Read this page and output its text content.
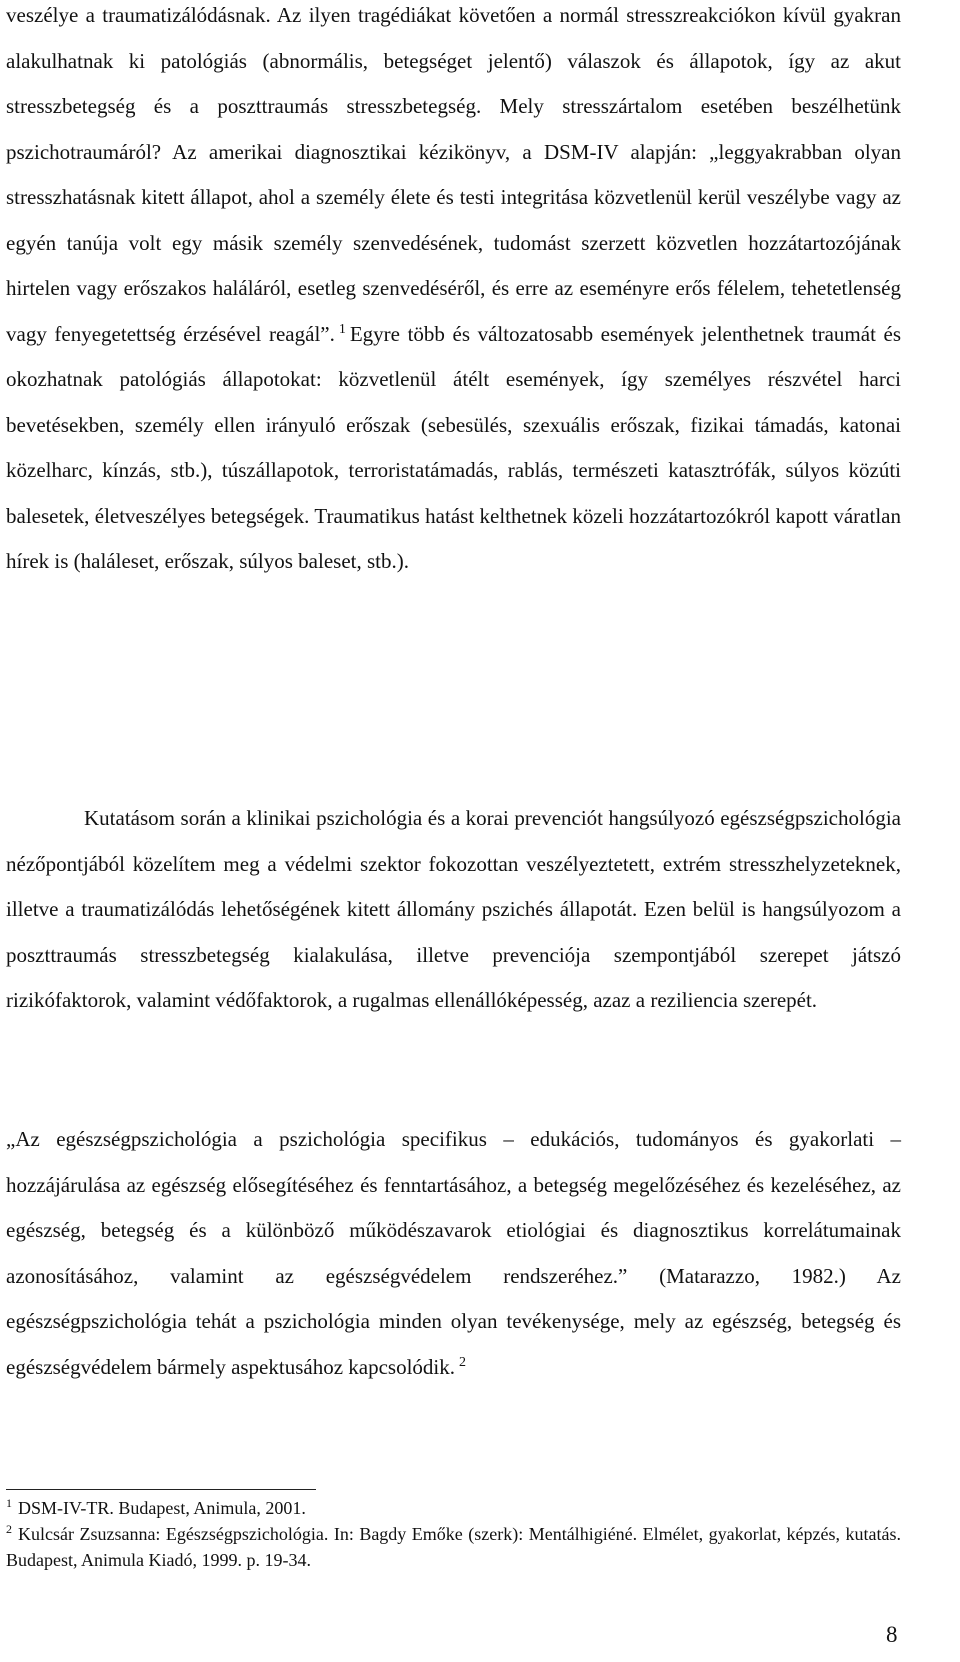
veszélye a traumatizálódásnak. Az ilyen tragédiákat követően a normál stresszreakciókon kívül gyakran alakulhatnak ki patológiás (abnormális, betegséget jelentő) válaszok és állapotok, így az akut stresszbetegség és a poszttraumás stresszbetegség. Mely stresszártalom esetében beszélhetünk pszichotraumáról? Az amerikai diagnosztikai kézikönyv, a DSM-IV alapján: „leggyakrabban olyan stresszhatásnak kitett állapot, ahol a személy élete és testi integritása közvetlenül kerül veszélybe vagy az egyén tanúja volt egy másik személy szenvedésének, tudomást szerzett közvetlen hozzátartozójának hirtelen vagy erőszakos haláláról, esetleg szenvedéséről, és erre az eseményre erős félelem, tehetetlenség vagy fenyegetettség érzésével reagál”. $^1$ Egyre több és változatosabb események jelenthetnek traumát és okozhatnak patológiás állapotokat: közvetlenül átélt események, így személyes részvétel harci bevetésekben, személy ellen irányuló erőszak (sebesülés, szexuális erőszak, fizikai támadás, katonai közelharc, kínzás, stb.), túszállapotok, terroristatámadás, rablás, természeti katasztrófák, súlyos közúti balesetek, életveszélyes betegségek. Traumatikus hatást kelthetnek közeli hozzátartozókról kapott váratlan hírek is (haláleset, erőszak, súlyos baleset, stb.).

Kutatásom során a klinikai pszichológia és a korai prevenciót hangsúlyozó egészségpszichológia nézőpontjából közelítem meg a védelmi szektor fokozottan veszélyeztetett, extrém stresszhelyzeteknek, illetve a traumatizálódás lehetőségének kitett állomány pszichés állapotát. Ezen belül is hangsúlyozom a poszttraumás stresszbetegség kialakulása, illetve prevenciója szempontjából szerepet játszó rizikófaktorok, valamint védőfaktorok, a rugalmas ellenállóképesség, azaz a reziliencia szerepét.

„Az egészségpszichológia a pszichológia specifikus – edukációs, tudományos és gyakorlati – hozzájárulása az egészség elősegítéséhez és fenntartásához, a betegség megelőzéséhez és kezeléséhez, az egészség, betegség és a különböző működészavarok etiológiai és diagnosztikus korrelátumainak azonosításához, valamint az egészségvédelem rendszeréhez.” (Matarazzo, 1982.) Az egészségpszichológia tehát a pszichológia minden olyan tevékenysége, mely az egészség, betegség és egészségvédelem bármely aspektusához kapcsolódik. $^2$

$^1$ DSM-IV-TR. Budapest, Animula, 2001.

$^2$ Kulcsár Zsuzsanna: Egészségpszichológia. In: Bagdy Emőke (szerk): Mentálhigiéné. Elmélet, gyakorlat, képzés, kutatás. Budapest, Animula Kiadó, 1999. p. 19-34.

8
